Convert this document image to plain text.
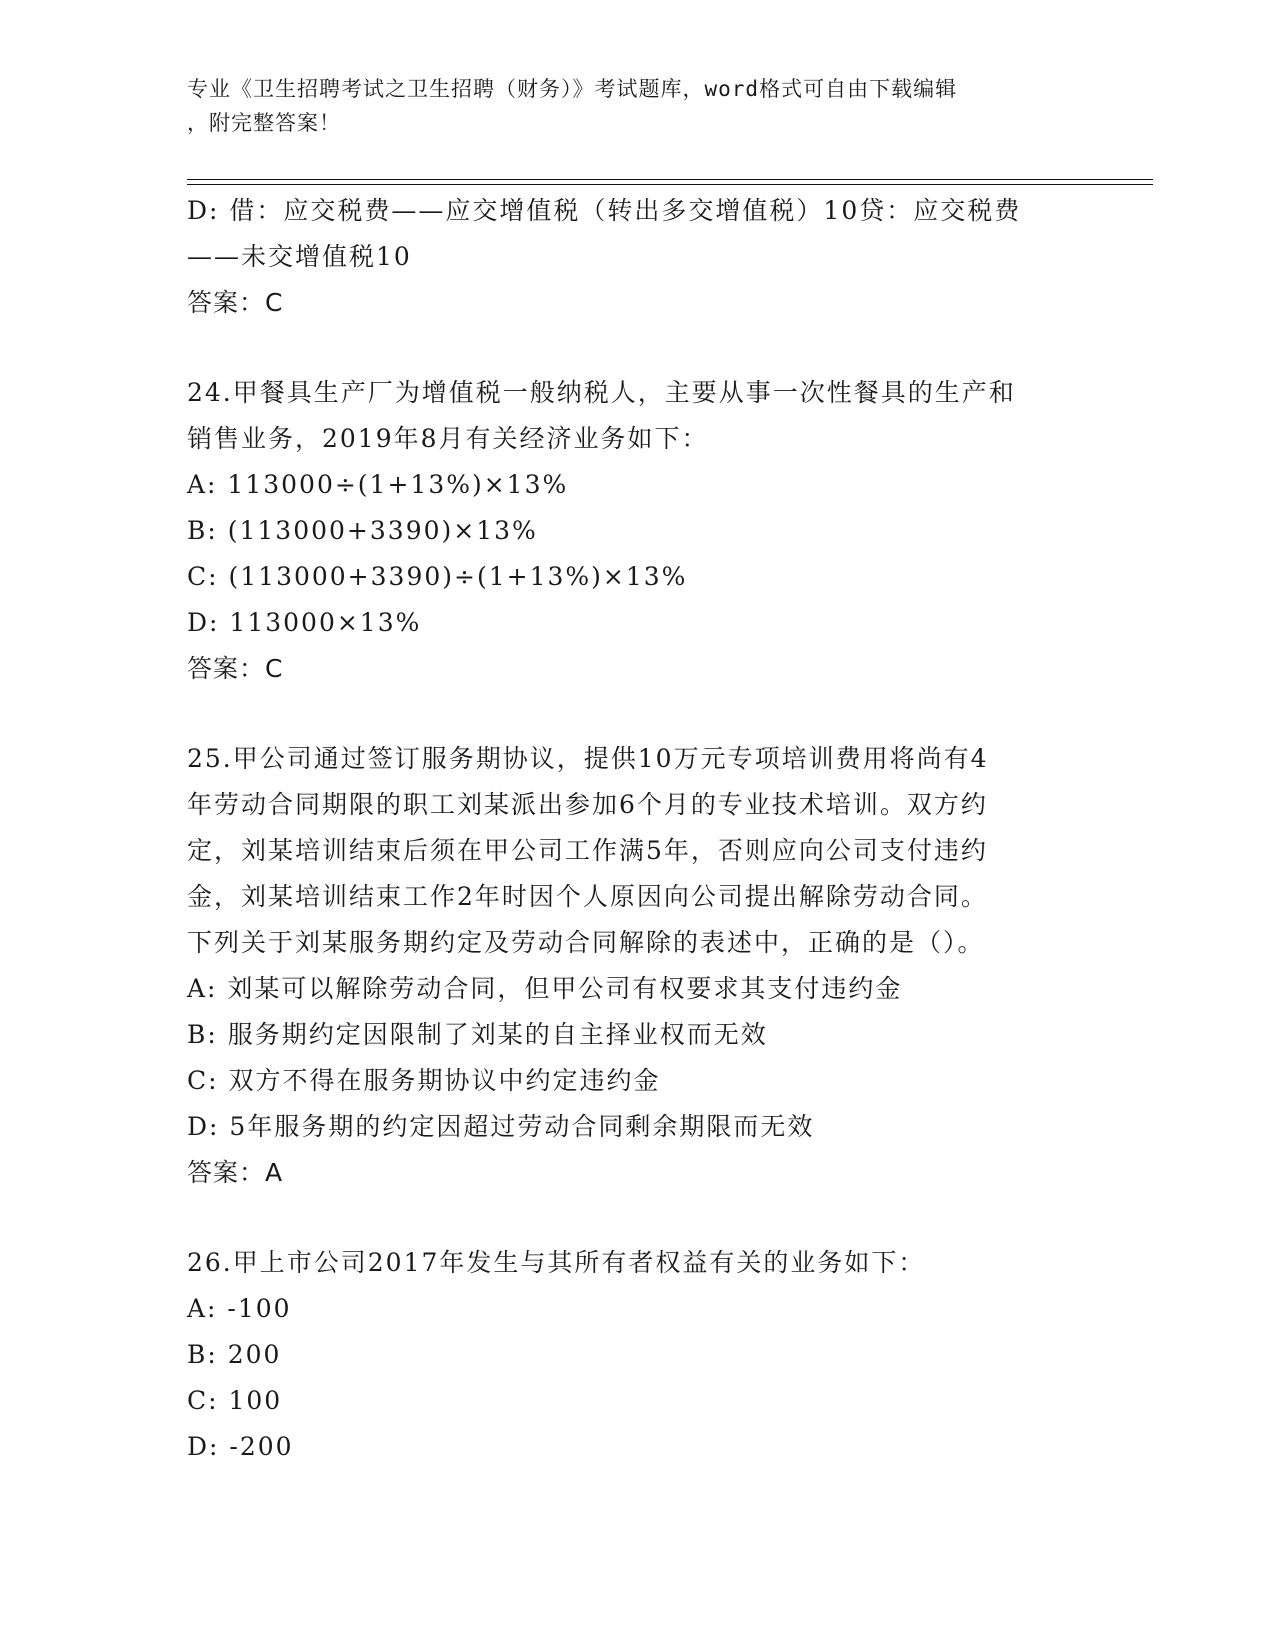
专业《卫生招聘考试之卫生招聘（财务）》考试题库，word格式可自由下载编辑
，附完整答案！
D: 借：应交税费——应交增值税（转出多交增值税）10贷：应交税费
——未交增值税10
答案：C
24.甲餐具生产厂为增值税一般纳税人，主要从事一次性餐具的生产和
销售业务，2019年8月有关经济业务如下：
A: 113000÷(1+13%)×13%
B: (113000+3390)×13%
C: (113000+3390)÷(1+13%)×13%
D: 113000×13%
答案：C
25.甲公司通过签订服务期协议，提供10万元专项培训费用将尚有4
年劳动合同期限的职工刘某派出参加6个月的专业技术培训。双方约
定，刘某培训结束后须在甲公司工作满5年，否则应向公司支付违约
金，刘某培训结束工作2年时因个人原因向公司提出解除劳动合同。
下列关于刘某服务期约定及劳动合同解除的表述中，正确的是（）。
A: 刘某可以解除劳动合同，但甲公司有权要求其支付违约金
B: 服务期约定因限制了刘某的自主择业权而无效
C: 双方不得在服务期协议中约定违约金
D: 5年服务期的约定因超过劳动合同剩余期限而无效
答案：A
26.甲上市公司2017年发生与其所有者权益有关的业务如下：
A: -100
B: 200
C: 100
D: -200
